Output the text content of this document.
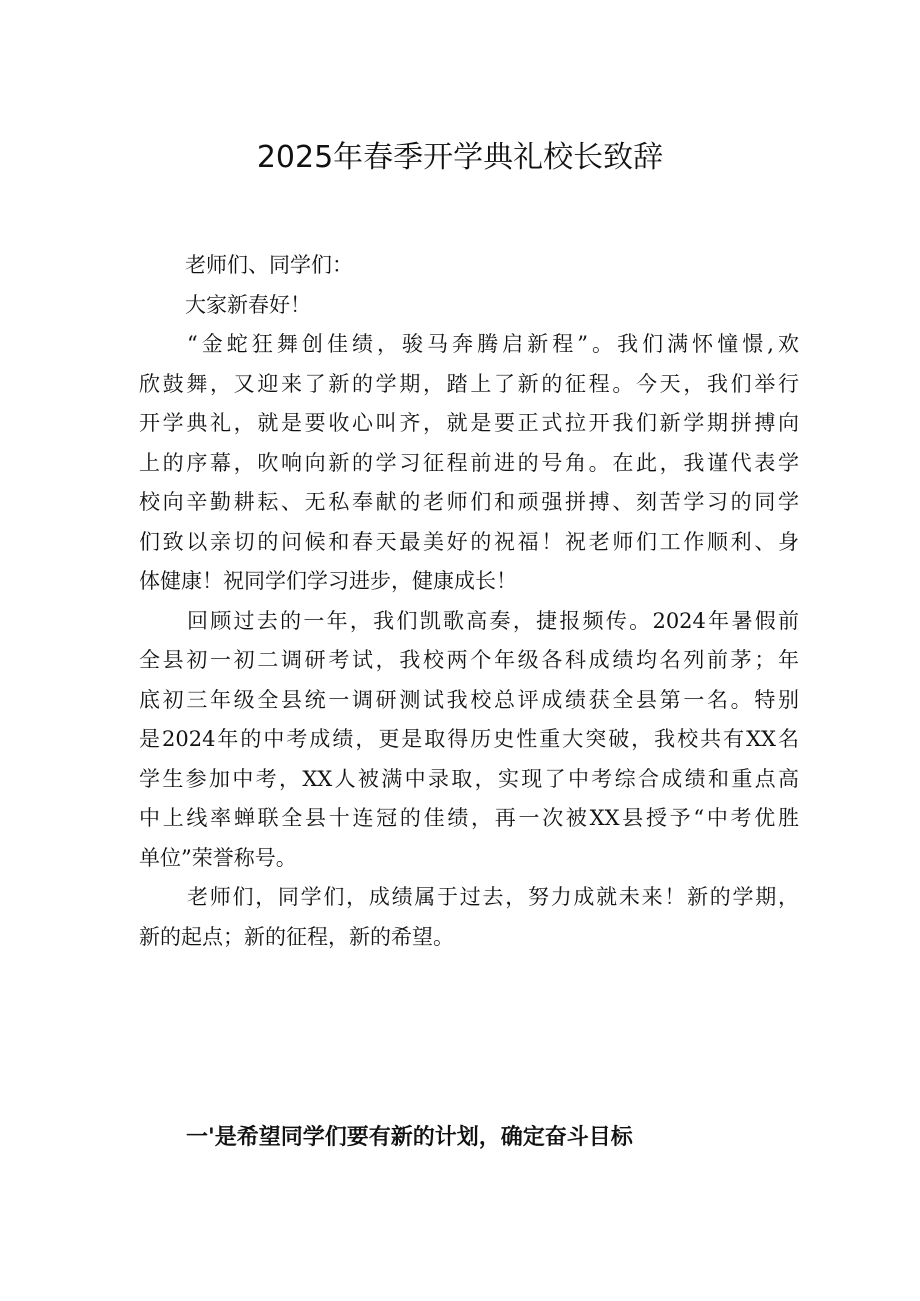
2025年春季开学典礼校长致辞
老师们、同学们：
大家新春好！
“金蛇狂舞创佳绩，骏马奔腾启新程”。我们满怀憧憬,欢
欣鼓舞，又迎来了新的学期，踏上了新的征程。今天，我们举行
开学典礼，就是要收心叫齐，就是要正式拉开我们新学期拼搏向
上的序幕，吹响向新的学习征程前进的号角。在此，我谨代表学
校向辛勤耕耘、无私奉献的老师们和顽强拼搏、刻苦学习的同学
们致以亲切的问候和春天最美好的祝福！祝老师们工作顺利、身
体健康！祝同学们学习进步，健康成长！
回顾过去的一年，我们凯歌高奏，捷报频传。2024年暑假前
全县初一初二调研考试，我校两个年级各科成绩均名列前茅；年
底初三年级全县统一调研测试我校总评成绩获全县第一名。特别
是2024年的中考成绩，更是取得历史性重大突破，我校共有XX名
学生参加中考，XX人被满中录取，实现了中考综合成绩和重点高
中上线率蝉联全县十连冠的佳绩，再一次被XX县授予“中考优胜
单位”荣誉称号。
老师们，同学们，成绩属于过去，努力成就未来！新的学期，
新的起点；新的征程，新的希望。
一'是希望同学们要有新的计划，确定奋斗目标
